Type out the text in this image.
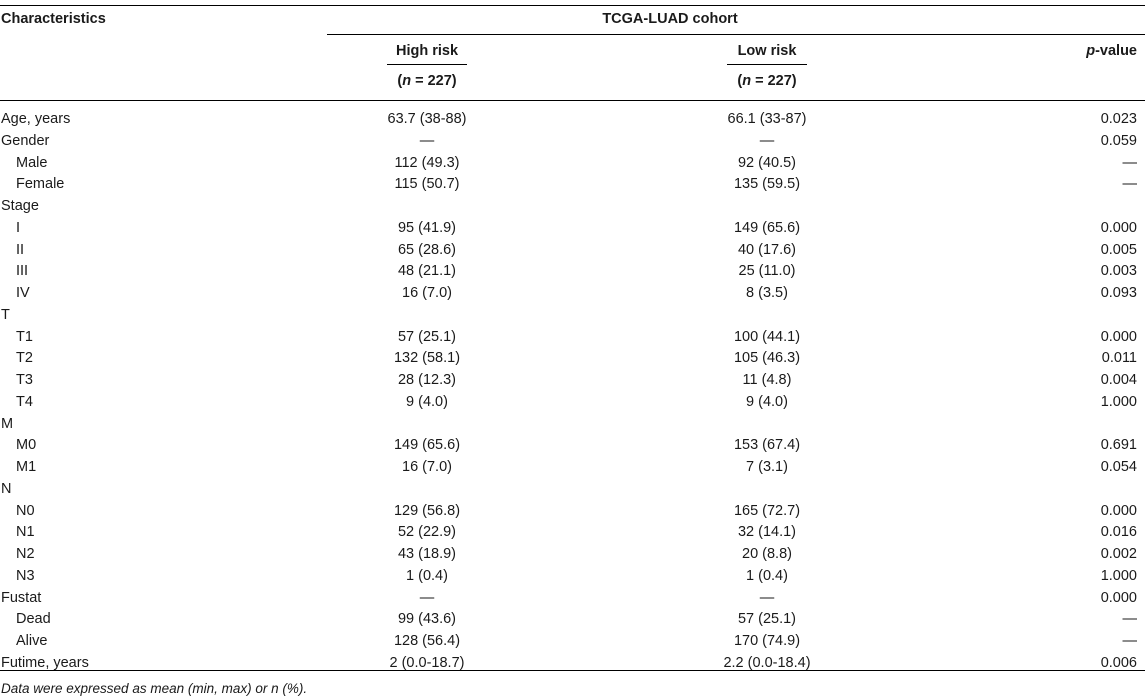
Characteristics	TCGA-LUAD cohort
High risk	Low risk	p-value
(n = 227)	(n = 227)
Age, years	63.7 (38-88)	66.1 (33-87)	0.023
Gender	—	—	0.059
Male	112 (49.3)	92 (40.5)	—
Female	115 (50.7)	135 (59.5)	—
Stage
I	95 (41.9)	149 (65.6)	0.000
II	65 (28.6)	40 (17.6)	0.005
III	48 (21.1)	25 (11.0)	0.003
IV	16 (7.0)	8 (3.5)	0.093
T
T1	57 (25.1)	100 (44.1)	0.000
T2	132 (58.1)	105 (46.3)	0.011
T3	28 (12.3)	11 (4.8)	0.004
T4	9 (4.0)	9 (4.0)	1.000
M
M0	149 (65.6)	153 (67.4)	0.691
M1	16 (7.0)	7 (3.1)	0.054
N
N0	129 (56.8)	165 (72.7)	0.000
N1	52 (22.9)	32 (14.1)	0.016
N2	43 (18.9)	20 (8.8)	0.002
N3	1 (0.4)	1 (0.4)	1.000
Fustat	—	—	0.000
Dead	99 (43.6)	57 (25.1)	—
Alive	128 (56.4)	170 (74.9)	—
Futime, years	2 (0.0-18.7)	2.2 (0.0-18.4)	0.006
Data were expressed as mean (min, max) or n (%).
